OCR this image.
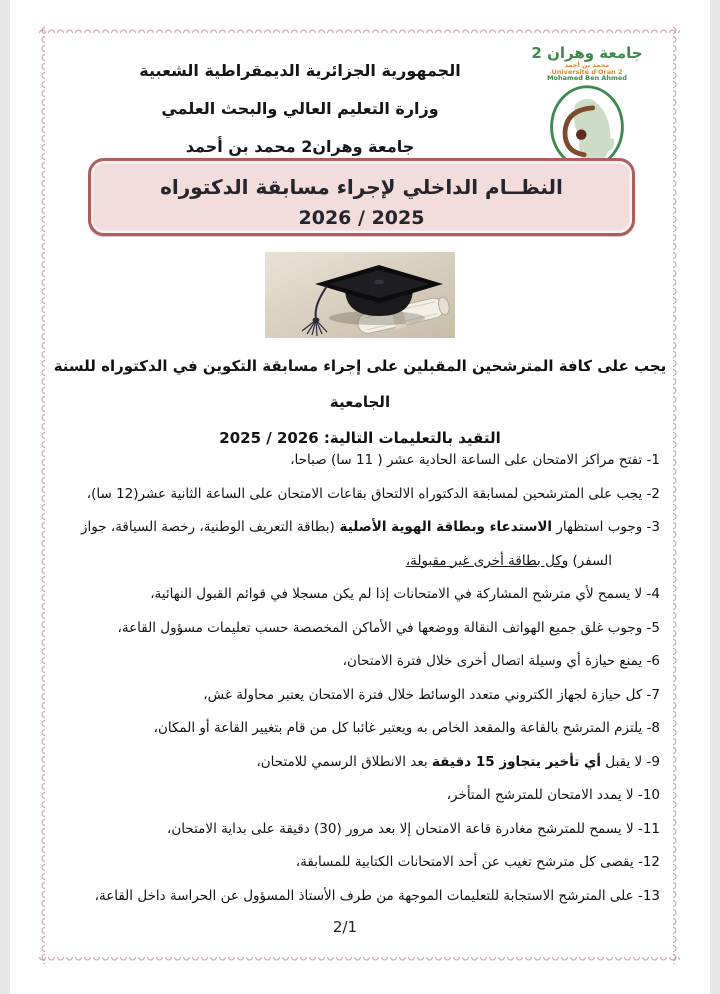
الجمهورية الجزائرية الديمقراطية الشعبية
وزارة التعليم العالي والبحث العلمي
جامعة وهران2 محمد بن أحمد
جامعة وهران 2
محمد بن أحمد
Université d'Oran 2
Mohamed Ben Ahmed
النظــام الداخلي لإجراء مسابقة الدكتوراه
2025 / 2026
يجب على كافة المترشحين المقبلين على إجراء مسابقة التكوين في الدكتوراه للسنة الجامعية
التقيد بالتعليمات التالية: 2026 / 2025
1- تفتح مراكز الامتحان على الساعة الحادية عشر ( 11 سا) صباحا،
2- يجب على المترشحين لمسابقة الدكتوراه الالتحاق بقاعات الامتحان على الساعة الثانية عشر(12 سا)،
3- وجوب استظهار الاستدعاء وبطاقة الهوية الأصلية (بطاقة التعريف الوطنية، رخصة السياقة، جواز السفر) وكل بطاقة أخرى غير مقبولة،
4- لا يسمح لأي مترشح المشاركة في الامتحانات إذا لم يكن مسجلا في قوائم القبول النهائية،
5- وجوب غلق جميع الهواتف النقالة ووضعها في الأماكن المخصصة حسب تعليمات مسؤول القاعة،
6- يمنع حيازة أي وسيلة اتصال أخرى خلال فترة الامتحان،
7- كل حيازة لجهاز الكتروني متعدد الوسائط خلال فترة الامتحان يعتبر محاولة غش،
8- يلتزم المترشح بالقاعة والمقعد الخاص به ويعتبر غائبا كل من قام بتغيير القاعة أو المكان،
9- لا يقبل أي تأخير يتجاوز 15 دقيقة بعد الانطلاق الرسمي للامتحان،
10- لا يمدد الامتحان للمترشح المتأخر،
11- لا يسمح للمترشح مغادرة قاعة الامتحان إلا بعد مرور (30) دقيقة على بداية الامتحان،
12- يقصى كل مترشح تغيب عن أحد الامتحانات الكتابية للمسابقة،
13- على المترشح الاستجابة للتعليمات الموجهة من طرف الأستاذ المسؤول عن الحراسة داخل القاعة،
2/1
